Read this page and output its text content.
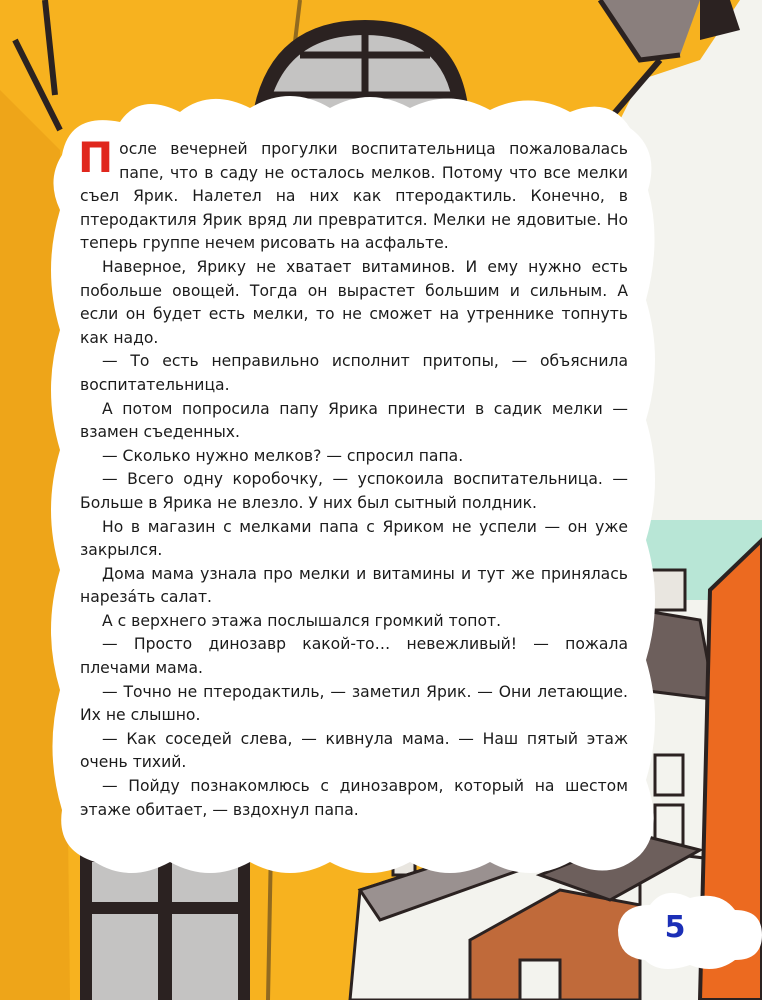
После вечерней прогулки воспитательница пожаловалась папе, что в саду не осталось мелков. Потому что все мелки съел Ярик. Налетел на них как птеродактиль. Конечно, в птеродактиля Ярик вряд ли превратится. Мелки не ядовитые. Но теперь группе нечем рисовать на асфальте.

Наверное, Ярику не хватает витаминов. И ему нужно есть побольше овощей. Тогда он вырастет большим и сильным. А если он будет есть мелки, то не сможет на утреннике топнуть как надо.

— То есть неправильно исполнит притопы, — объяснила воспитательница.

А потом попросила папу Ярика принести в садик мелки — взамен съеденных.

— Сколько нужно мелков? — спросил папа.

— Всего одну коробочку, — успокоила воспитательница. — Больше в Ярика не влезло. У них был сытный полдник.

Но в магазин с мелками папа с Яриком не успели — он уже закрылся.

Дома мама узнала про мелки и витамины и тут же принялась нарезáть салат.

А с верхнего этажа послышался громкий топот.

— Просто динозавр какой-то… невежливый! — пожала плечами мама.

— Точно не птеродактиль, — заметил Ярик. — Они летающие. Их не слышно.

— Как соседей слева, — кивнула мама. — Наш пятый этаж очень тихий.

— Пойду познакомлюсь с динозавром, который на шестом этаже обитает, — вздохнул папа.

5
